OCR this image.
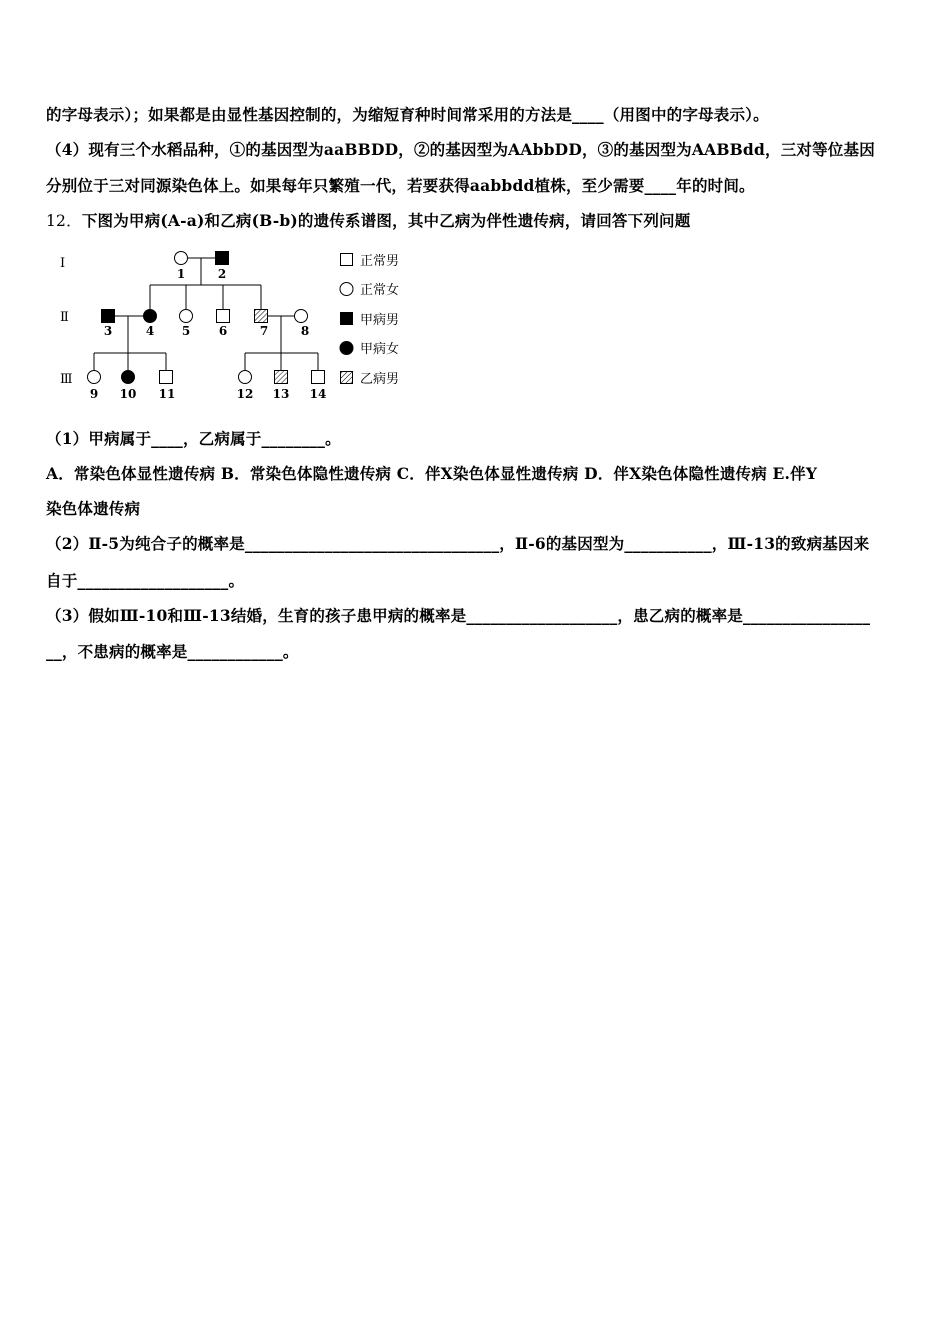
的字母表示）；如果都是由显性基因控制的，为缩短育种时间常采用的方法是____（用图中的字母表示）。
（4）现有三个水稻品种，①的基因型为aaBBDD，②的基因型为AAbbDD，③的基因型为AABBdd，三对等位基因
分别位于三对同源染色体上。如果每年只繁殖一代，若要获得aabbdd植株，至少需要____年的时间。
12．下图为甲病(A-a)和乙病(B-b)的遗传系谱图，其中乙病为伴性遗传病，请回答下列问题
Ⅰ
Ⅱ
Ⅲ
1	2
3	4 5 6	7	8
9 10 11	12 13 14
正常男
正常女
甲病男
甲病女
乙病男
（1）甲病属于____，乙病属于________。
A．常染色体显性遗传病 B．常染色体隐性遗传病 C．伴X染色体显性遗传病 D．伴X染色体隐性遗传病 E.伴Y
染色体遗传病
（2）Ⅱ-5为纯合子的概率是________________________________，Ⅱ-6的基因型为___________，Ⅲ-13的致病基因来
自于___________________。
（3）假如Ⅲ-10和Ⅲ-13结婚，生育的孩子患甲病的概率是___________________，患乙病的概率是________________
__，不患病的概率是____________。
